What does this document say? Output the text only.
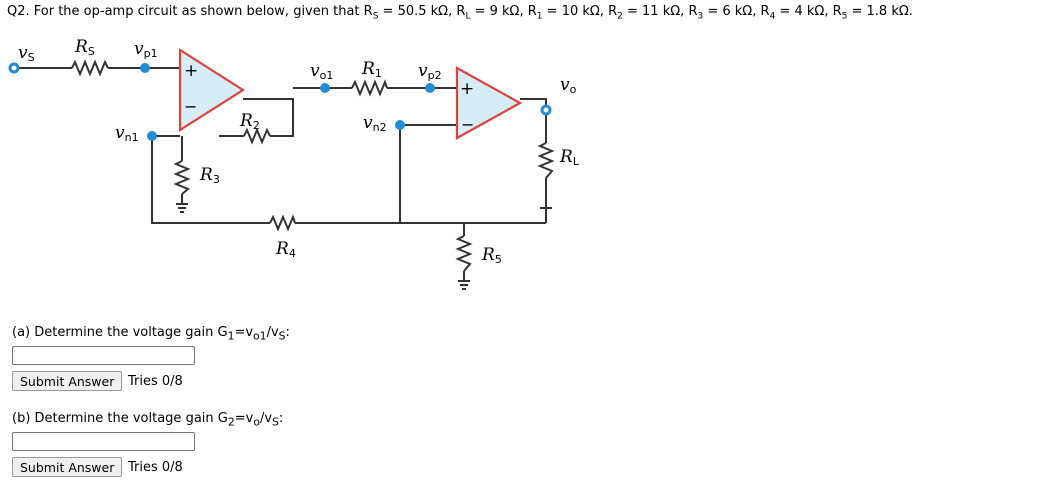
Q2. For the op-amp circuit as shown below, given that $R_S = 50.5$ kΩ, $R_L = 9$ kΩ, $R_1 = 10$ kΩ, $R_2 = 11$ kΩ, $R_3 = 6$ kΩ, $R_4 = 4$ kΩ, $R_5 = 1.8$ kΩ.
+
−
+
−
$v_S$
$R_S$ $v_{p1}$
$v_{n1}$
$v_{o1}$ $R_1$ $v_{p2}$
$v_{n2}$
$v_o$
$R_2$
$R_3$
$R_4$	$R_5$
$R_L$
(a) Determine the voltage gain $G_1=v_{o1}/v_S$:
Submit Answer	Tries 0/8
(b) Determine the voltage gain $G_2=v_o/v_S$:
Submit Answer	Tries 0/8
